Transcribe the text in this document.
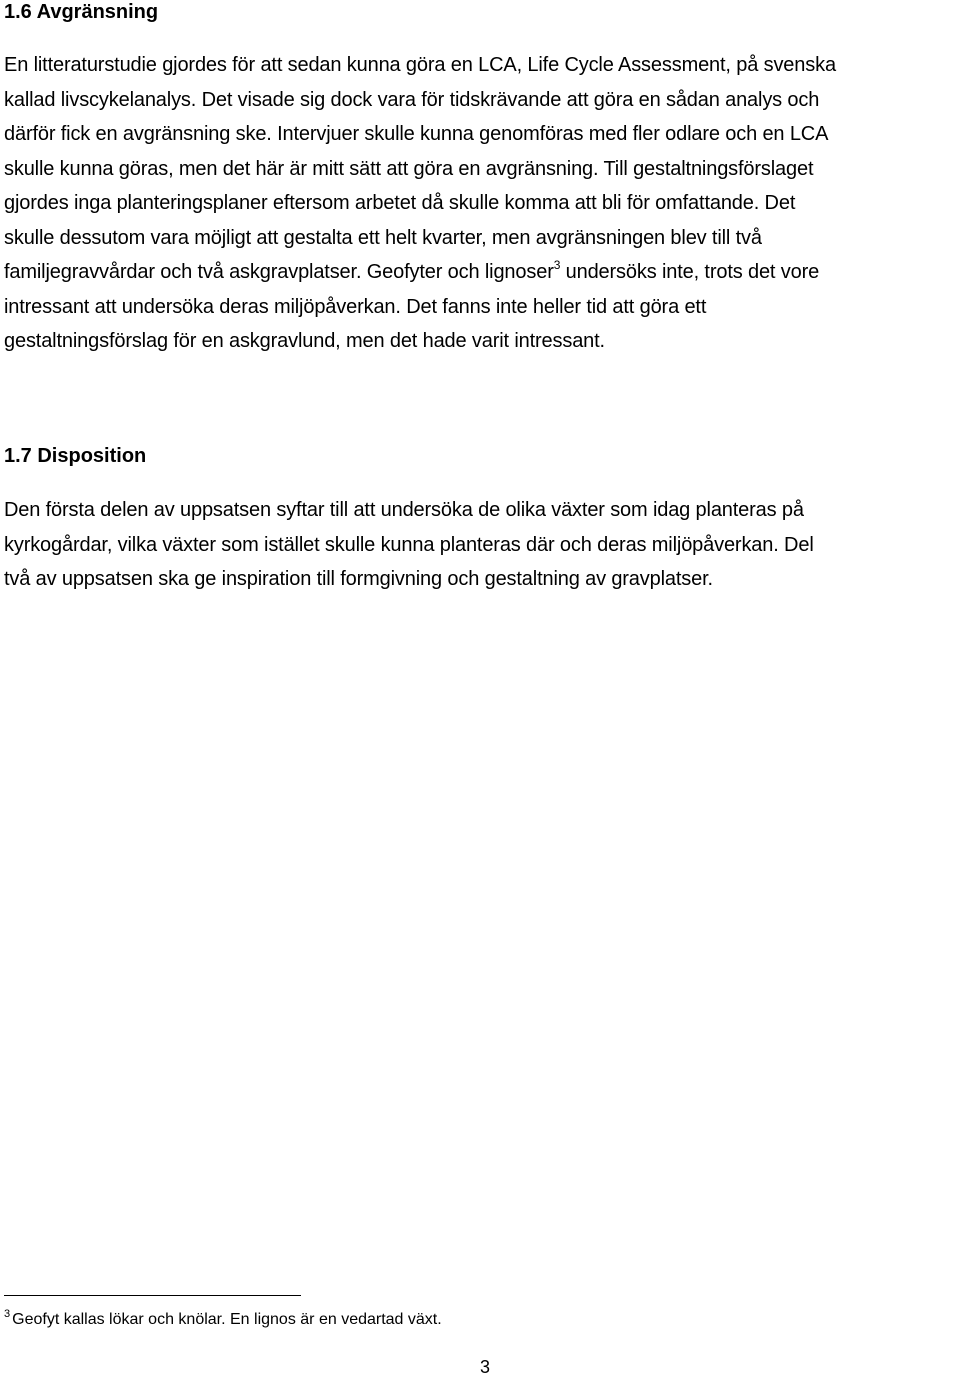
1.6 Avgränsning

En litteraturstudie gjordes för att sedan kunna göra en LCA, Life Cycle Assessment, på svenska
kallad livscykelanalys. Det visade sig dock vara för tidskrävande att göra en sådan analys och
därför fick en avgränsning ske. Intervjuer skulle kunna genomföras med fler odlare och en LCA
skulle kunna göras, men det här är mitt sätt att göra en avgränsning. Till gestaltningsförslaget
gjordes inga planteringsplaner eftersom arbetet då skulle komma att bli för omfattande. Det
skulle dessutom vara möjligt att gestalta ett helt kvarter, men avgränsningen blev till två
familjegravvårdar och två askgravplatser. Geofyter och lignoser$^3$ undersöks inte, trots det vore
intressant att undersöka deras miljöpåverkan. Det fanns inte heller tid att göra ett
gestaltningsförslag för en askgravlund, men det hade varit intressant.

1.7 Disposition

Den första delen av uppsatsen syftar till att undersöka de olika växter som idag planteras på
kyrkogårdar, vilka växter som istället skulle kunna planteras där och deras miljöpåverkan. Del
två av uppsatsen ska ge inspiration till formgivning och gestaltning av gravplatser.

$^3$ Geofyt kallas lökar och knölar. En lignos är en vedartad växt.

3
